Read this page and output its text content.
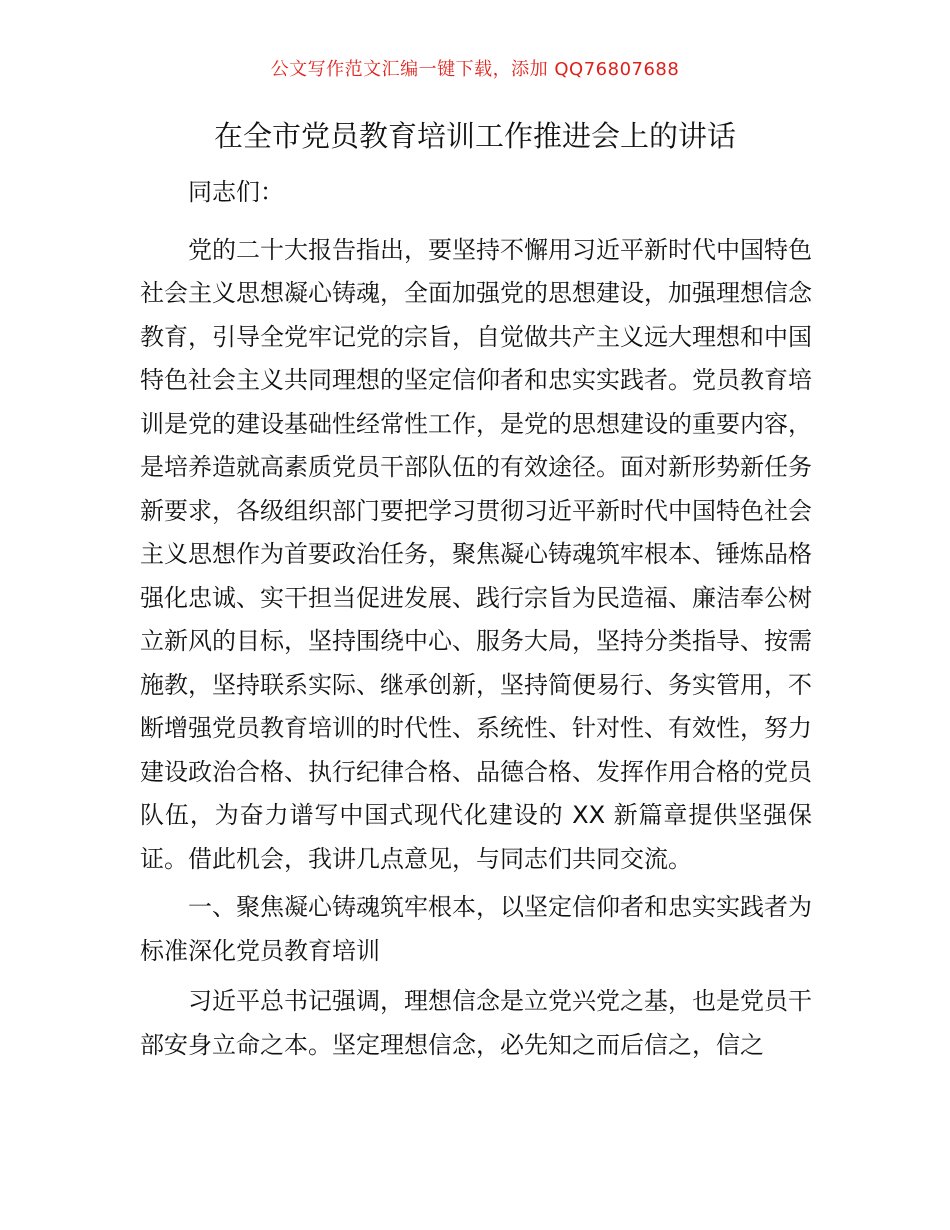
公文写作范文汇编一键下载，添加 QQ76807688
在全市党员教育培训工作推进会上的讲话

同志们：

党的二十大报告指出，要坚持不懈用习近平新时代中国特色社会主义思想凝心铸魂，全面加强党的思想建设，加强理想信念教育，引导全党牢记党的宗旨，自觉做共产主义远大理想和中国特色社会主义共同理想的坚定信仰者和忠实实践者。党员教育培训是党的建设基础性经常性工作，是党的思想建设的重要内容，是培养造就高素质党员干部队伍的有效途径。面对新形势新任务新要求，各级组织部门要把学习贯彻习近平新时代中国特色社会主义思想作为首要政治任务，聚焦凝心铸魂筑牢根本、锤炼品格强化忠诚、实干担当促进发展、践行宗旨为民造福、廉洁奉公树立新风的目标，坚持围绕中心、服务大局，坚持分类指导、按需施教，坚持联系实际、继承创新，坚持简便易行、务实管用，不断增强党员教育培训的时代性、系统性、针对性、有效性，努力建设政治合格、执行纪律合格、品德合格、发挥作用合格的党员队伍，为奋力谱写中国式现代化建设的 XX 新篇章提供坚强保证。借此机会，我讲几点意见，与同志们共同交流。

一、聚焦凝心铸魂筑牢根本，以坚定信仰者和忠实实践者为标准深化党员教育培训

习近平总书记强调，理想信念是立党兴党之基，也是党员干部安身立命之本。坚定理想信念，必先知之而后信之，信之
